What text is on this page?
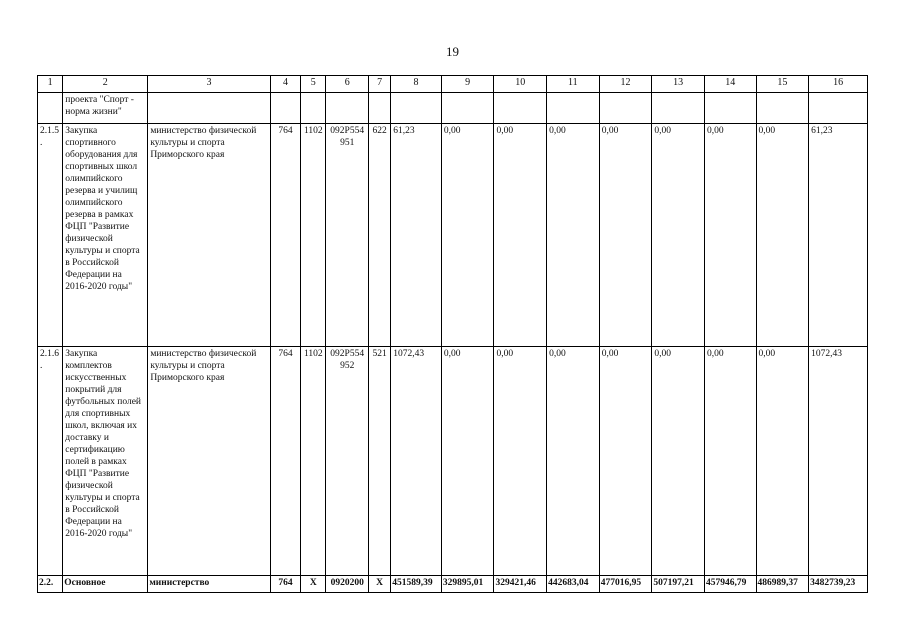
19
1	2	3	4	5	6	7	8	9	10	11	12	13	14	15	16
	проекта "Спорт - норма жизни"														
2.1.5 .	Закупка спортивного оборудования для спортивных школ олимпийского резерва и училищ олимпийского резерва в рамках ФЦП "Развитие физической культуры и спорта в Российской Федерации на 2016-2020 годы"	министерство физической культуры и спорта Приморского края	764	1102	092P554 951	622	61,23	0,00	0,00	0,00	0,00	0,00	0,00	0,00	61,23
2.1.6 .	Закупка комплектов искусственных покрытий для футбольных полей для спортивных школ, включая их доставку и сертификацию полей в рамках ФЦП "Развитие физической культуры и спорта в Российской Федерации на 2016-2020 годы"	министерство физической культуры и спорта Приморского края	764	1102	092P554 952	521	1072,43	0,00	0,00	0,00	0,00	0,00	0,00	0,00	1072,43
2.2.	Основное	министерство	764	X	0920200	X	451589,39	329895,01	329421,46	442683,04	477016,95	507197,21	457946,79	486989,37	3482739,23
